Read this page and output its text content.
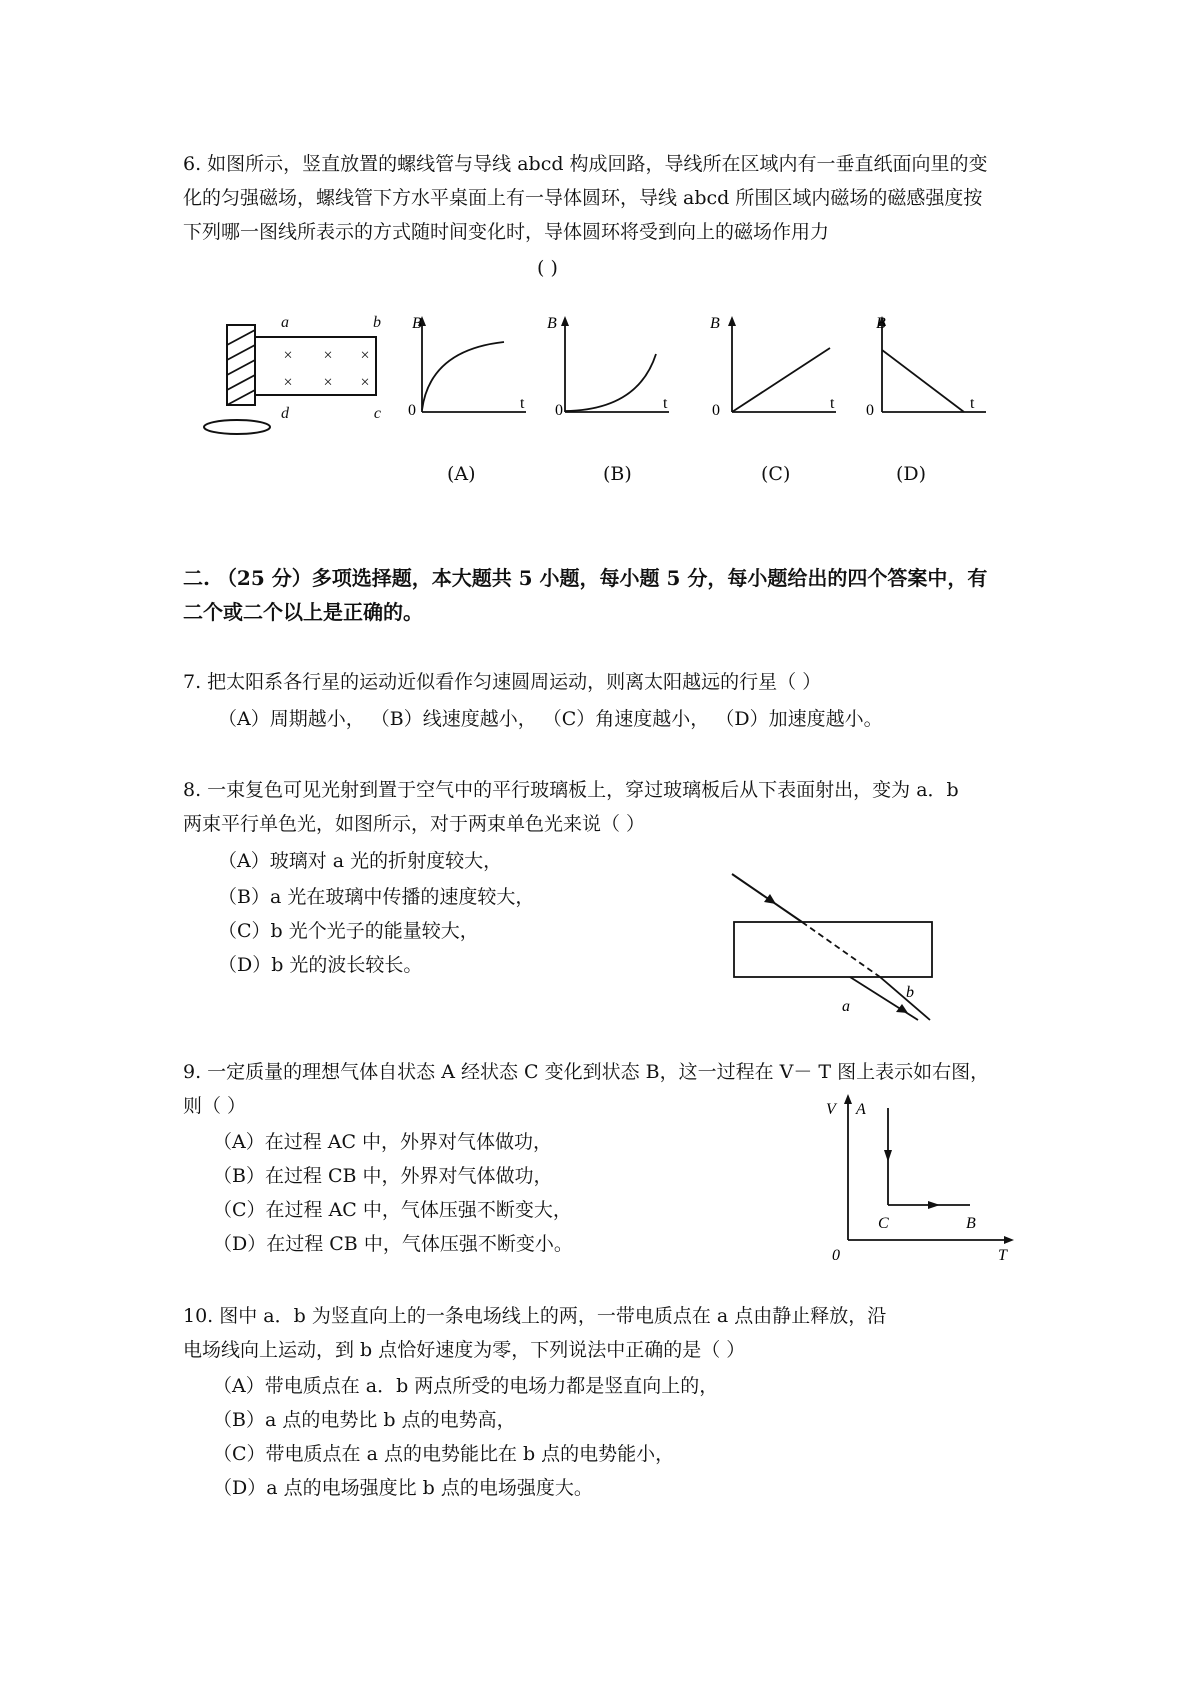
6. 如图所示，竖直放置的螺线管与导线 abcd 构成回路，导线所在区域内有一垂直纸面向里的变
化的匀强磁场，螺线管下方水平桌面上有一导体圆环，导线 abcd 所围区域内磁场的磁感强度按
下列哪一图线所表示的方式随时间变化时，导体圆环将受到向上的磁场作用力
( )
× × ×
× × ×
a	b
d	c
B
t
0
B
t
0
B
t
0
B
t
0
(A)	(B)	(C)	(D)
二. （25 分）多项选择题，本大题共 5 小题，每小题 5 分，每小题给出的四个答案中，有
二个或二个以上是正确的。
7. 把太阳系各行星的运动近似看作匀速圆周运动，则离太阳越远的行星（ ）
（A）周期越小， （B）线速度越小， （C）角速度越小， （D）加速度越小。
8. 一束复色可见光射到置于空气中的平行玻璃板上，穿过玻璃板后从下表面射出，变为 a．b
两束平行单色光，如图所示，对于两束单色光来说（ ）
（A）玻璃对 a 光的折射度较大，
（B）a 光在玻璃中传播的速度较大，
（C）b 光个光子的能量较大，
（D）b 光的波长较长。
a
b
9. 一定质量的理想气体自状态 A 经状态 C 变化到状态 B，这一过程在 V－ T 图上表示如右图，
则（ ）
（A）在过程 AC 中，外界对气体做功，
（B）在过程 CB 中，外界对气体做功，
（C）在过程 AC 中，气体压强不断变大，
（D）在过程 CB 中，气体压强不断变小。
V A
T
0
C	B
10. 图中 a．b 为竖直向上的一条电场线上的两，一带电质点在 a 点由静止释放，沿
电场线向上运动，到 b 点恰好速度为零，下列说法中正确的是（ ）
（A）带电质点在 a．b 两点所受的电场力都是竖直向上的，
（B）a 点的电势比 b 点的电势高，
（C）带电质点在 a 点的电势能比在 b 点的电势能小，
（D）a 点的电场强度比 b 点的电场强度大。
